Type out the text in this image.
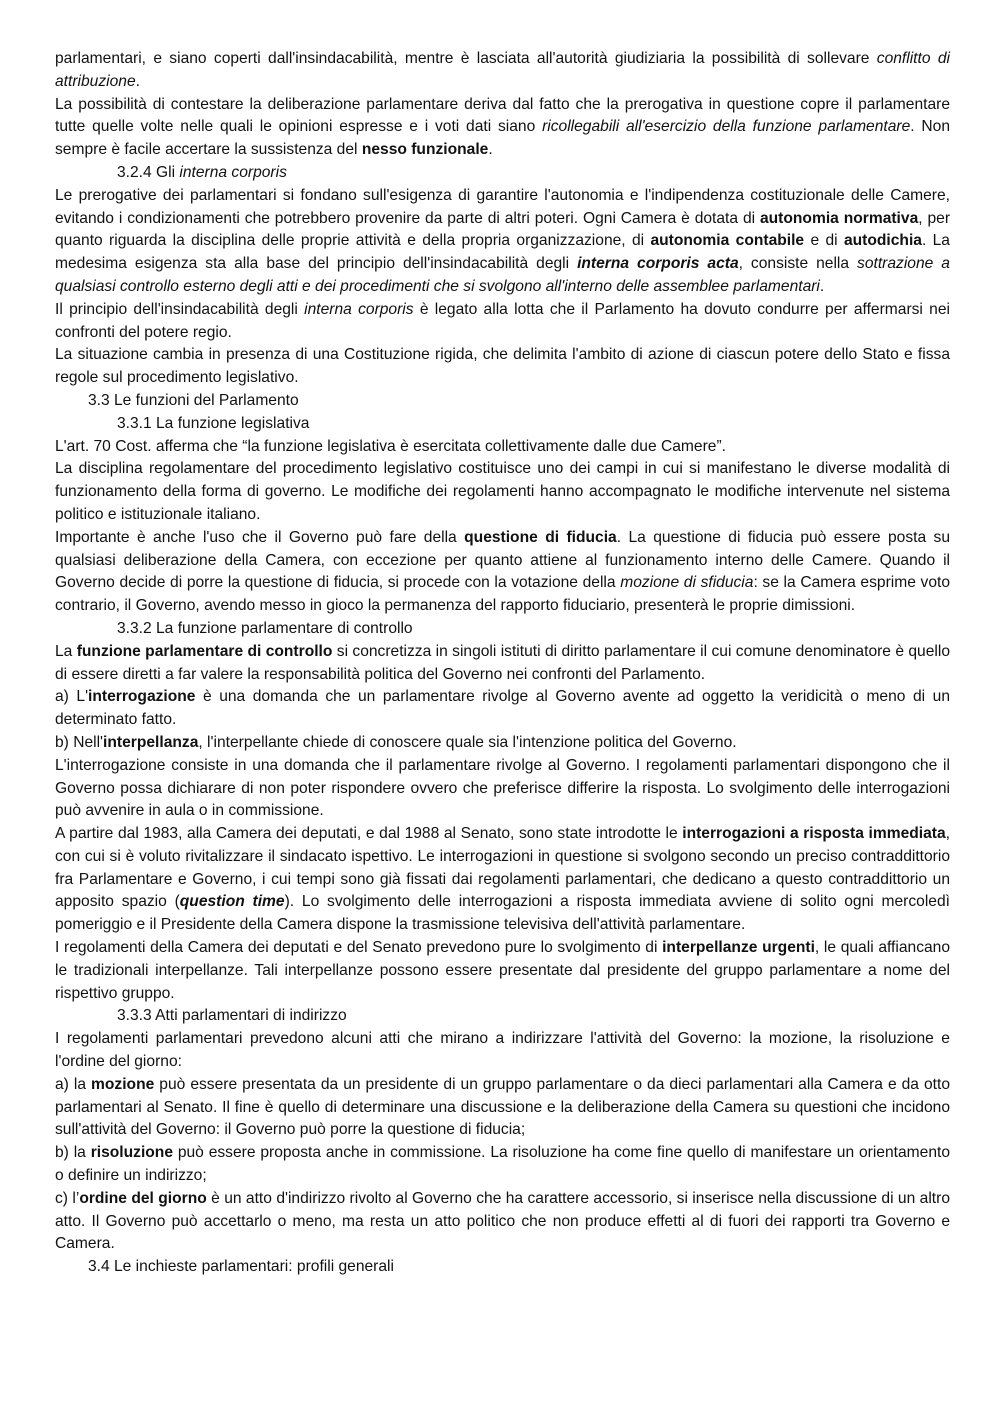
parlamentari, e siano coperti dall'insindacabilità, mentre è lasciata all'autorità giudiziaria la possibilità di sollevare conflitto di attribuzione.
La possibilità di contestare la deliberazione parlamentare deriva dal fatto che la prerogativa in questione copre il parlamentare tutte quelle volte nelle quali le opinioni espresse e i voti dati siano ricollegabili all'esercizio della funzione parlamentare. Non sempre è facile accertare la sussistenza del nesso funzionale.
3.2.4 Gli interna corporis
Le prerogative dei parlamentari si fondano sull'esigenza di garantire l'autonomia e l'indipendenza costituzionale delle Camere, evitando i condizionamenti che potrebbero provenire da parte di altri poteri. Ogni Camera è dotata di autonomia normativa, per quanto riguarda la disciplina delle proprie attività e della propria organizzazione, di autonomia contabile e di autodichia. La medesima esigenza sta alla base del principio dell'insindacabilità degli interna corporis acta, consiste nella sottrazione a qualsiasi controllo esterno degli atti e dei procedimenti che si svolgono all'interno delle assemblee parlamentari.
Il principio dell'insindacabilità degli interna corporis è legato alla lotta che il Parlamento ha dovuto condurre per affermarsi nei confronti del potere regio.
La situazione cambia in presenza di una Costituzione rigida, che delimita l'ambito di azione di ciascun potere dello Stato e fissa regole sul procedimento legislativo.
3.3 Le funzioni del Parlamento
3.3.1 La funzione legislativa
L'art. 70 Cost. afferma che “la funzione legislativa è esercitata collettivamente dalle due Camere”.
La disciplina regolamentare del procedimento legislativo costituisce uno dei campi in cui si manifestano le diverse modalità di funzionamento della forma di governo. Le modifiche dei regolamenti hanno accompagnato le modifiche intervenute nel sistema politico e istituzionale italiano.
Importante è anche l'uso che il Governo può fare della questione di fiducia. La questione di fiducia può essere posta su qualsiasi deliberazione della Camera, con eccezione per quanto attiene al funzionamento interno delle Camere. Quando il Governo decide di porre la questione di fiducia, si procede con la votazione della mozione di sfiducia: se la Camera esprime voto contrario, il Governo, avendo messo in gioco la permanenza del rapporto fiduciario, presenterà le proprie dimissioni.
3.3.2 La funzione parlamentare di controllo
La funzione parlamentare di controllo si concretizza in singoli istituti di diritto parlamentare il cui comune denominatore è quello di essere diretti a far valere la responsabilità politica del Governo nei confronti del Parlamento.
a) L'interrogazione è una domanda che un parlamentare rivolge al Governo avente ad oggetto la veridicità o meno di un determinato fatto.
b) Nell'interpellanza, l'interpellante chiede di conoscere quale sia l'intenzione politica del Governo.
L'interrogazione consiste in una domanda che il parlamentare rivolge al Governo. I regolamenti parlamentari dispongono che il Governo possa dichiarare di non poter rispondere ovvero che preferisce differire la risposta. Lo svolgimento delle interrogazioni può avvenire in aula o in commissione.
A partire dal 1983, alla Camera dei deputati, e dal 1988 al Senato, sono state introdotte le interrogazioni a risposta immediata, con cui si è voluto rivitalizzare il sindacato ispettivo. Le interrogazioni in questione si svolgono secondo un preciso contraddittorio fra Parlamentare e Governo, i cui tempi sono già fissati dai regolamenti parlamentari, che dedicano a questo contraddittorio un apposito spazio (question time). Lo svolgimento delle interrogazioni a risposta immediata avviene di solito ogni mercoledì pomeriggio e il Presidente della Camera dispone la trasmissione televisiva dell'attività parlamentare.
I regolamenti della Camera dei deputati e del Senato prevedono pure lo svolgimento di interpellanze urgenti, le quali affiancano le tradizionali interpellanze. Tali interpellanze possono essere presentate dal presidente del gruppo parlamentare a nome del rispettivo gruppo.
3.3.3 Atti parlamentari di indirizzo
I regolamenti parlamentari prevedono alcuni atti che mirano a indirizzare l'attività del Governo: la mozione, la risoluzione e l'ordine del giorno:
a) la mozione può essere presentata da un presidente di un gruppo parlamentare o da dieci parlamentari alla Camera e da otto parlamentari al Senato. Il fine è quello di determinare una discussione e la deliberazione della Camera su questioni che incidono sull'attività del Governo: il Governo può porre la questione di fiducia;
b) la risoluzione può essere proposta anche in commissione. La risoluzione ha come fine quello di manifestare un orientamento o definire un indirizzo;
c) l’ordine del giorno è un atto d'indirizzo rivolto al Governo che ha carattere accessorio, si inserisce nella discussione di un altro atto. Il Governo può accettarlo o meno, ma resta un atto politico che non produce effetti al di fuori dei rapporti tra Governo e Camera.
3.4 Le inchieste parlamentari: profili generali
